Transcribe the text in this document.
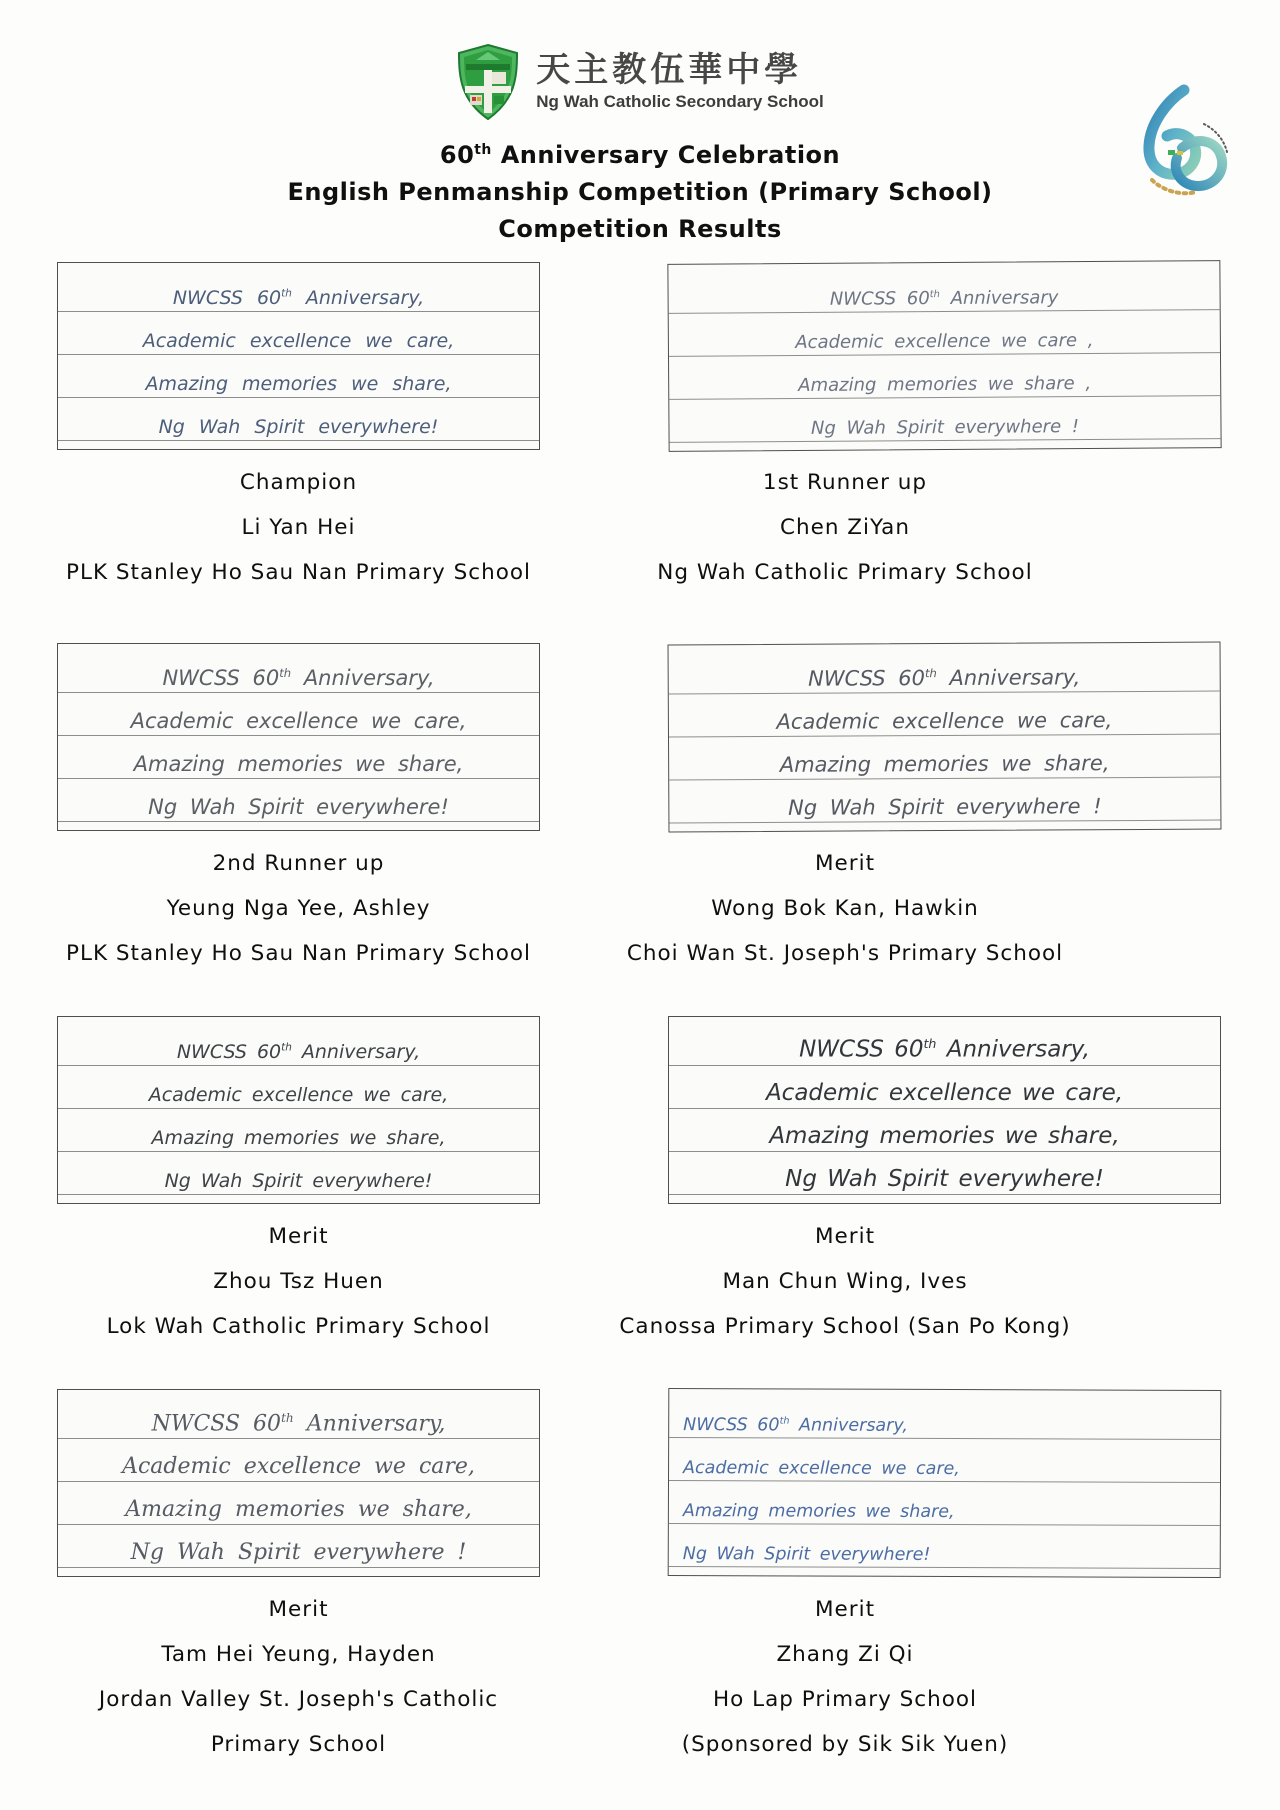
天主教伍華中學
Ng Wah Catholic Secondary School
60th Anniversary Celebration
English Penmanship Competition (Primary School)
Competition Results
NWCSS 60th Anniversary,
Academic excellence we care,
Amazing memories we share,
Ng Wah Spirit everywhere!
Champion
Li Yan Hei
PLK Stanley Ho Sau Nan Primary School
NWCSS 60th Anniversary
Academic excellence we care ,
Amazing memories we share ,
Ng Wah Spirit everywhere !
1st Runner up
Chen ZiYan
Ng Wah Catholic Primary School
NWCSS 60th Anniversary,
Academic excellence we care,
Amazing memories we share,
Ng Wah Spirit everywhere!
2nd Runner up
Yeung Nga Yee, Ashley
PLK Stanley Ho Sau Nan Primary School
NWCSS 60th Anniversary,
Academic excellence we care,
Amazing memories we share,
Ng Wah Spirit everywhere !
Merit
Wong Bok Kan, Hawkin
Choi Wan St. Joseph's Primary School
NWCSS 60th Anniversary,
Academic excellence we care,
Amazing memories we share,
Ng Wah Spirit everywhere!
Merit
Zhou Tsz Huen
Lok Wah Catholic Primary School
NWCSS 60th Anniversary,
Academic excellence we care,
Amazing memories we share,
Ng Wah Spirit everywhere!
Merit
Man Chun Wing, Ives
Canossa Primary School (San Po Kong)
NWCSS 60th Anniversary,
Academic excellence we care,
Amazing memories we share,
Ng Wah Spirit everywhere !
Merit
Tam Hei Yeung, Hayden
Jordan Valley St. Joseph's Catholic
Primary School
NWCSS 60th Anniversary,
Academic excellence we care,
Amazing memories we share,
Ng Wah Spirit everywhere!
Merit
Zhang Zi Qi
Ho Lap Primary School
(Sponsored by Sik Sik Yuen)
